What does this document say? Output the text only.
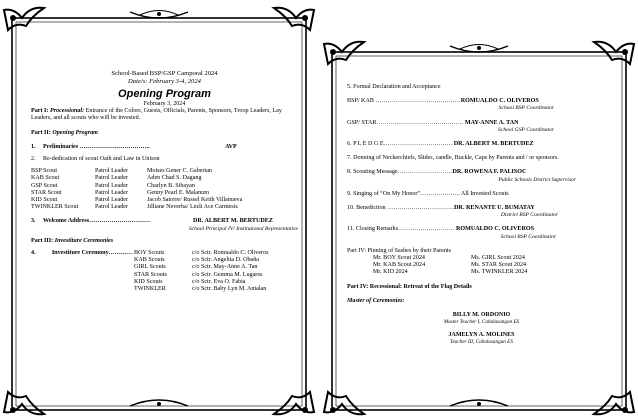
School-Based BSP/GSP Camporal 2024
Date/s: February 3-4, 2024
Opening Program
February 3, 2024
Part I: Processional: Entrance of the Colors, Guests, Officials, Parents, Sponsors, Troop Leaders, Lay Leaders, and all scouts who will be invested.
Part II: Opening Program
1.	Preliminaries ……………………………..	AVP
2.	Re-dedication of scout Oath and Law in Unison
BSP Scout	Patrol Leader	Moises Gener C. Gabertan
KAB Scout	Patrol Leader	Aden Chad S. Dagang
GSP Scout	Patrol Leader	Charlyn B. Sibayan
STAR Scout	Patrol Leader	Genny Pearl E. Malanum
KID Scout	Patrol Leader	Jacob Satorre/ Russel Keith Villanueva
TWINKLER Scout	Patrol Leader	Jilliane Neverba/ Lezli Ace Carmesis
3.	Welcome Address…………………………	DR. ALBERT M. BERTUDEZ
School Principal IV/ Institutional Representative
Part III: Investiture Ceremonies
4.	Investiture Ceremony…………	BOY Scouts	c/o Sctr. Romualdo C. Oliveros
		KAB Scouts	c/o Sctr. Angelita D. Obaña
		GIRL Scouts	c/o Sctr. May-Anne A. Tan
		STAR Scouts	c/o Sctr. Gemma M. Lugares
		KID Scouts	c/o Sctr. Eva O. Fabia
		TWINKLER	c/o Sctr. Baby Lyn M. Antalan
5. Formal Declaration and Acceptance
BSP/ KAB ……………………………………ROMUALDO C. OLIVEROS
School BSP Coordinator
GSP/ STAR……………………………………. MAY-ANNE A. TAN
School GSP Coordinator
6. P L E D G E……………………………. DR. ALBERT M. BERTUDEZ
7. Donning of Neckerchiefs, Slides, candle, Buckle, Caps by Parents and / or sponsors.
8. Scouting Message………………………DR. ROWENA F. PALISOC
Public Schools District Supervisor
9. Singing of “On My Honor”……………….. All Invested Scouts
10. Benediction ……………………………DR. RENANTE U. BUMATAY
District BSP Coordinator
11. Closing Remarks………………………. ROMUALDO C. OLIVEROS
School BSP Coordinator
Part IV: Pinning of Sashes by their Parents
Mr. BOY Scout 2024	Ms. GIRL Scout 2024
Mr. KAB Scout 2024	Ms. STAR Scout 2024
Mr. KID 2024	Ms. TWINKLER 2024
Part IV: Recessional: Retreat of the Flag Details
Master of Ceremonies:
BILLY M. ORDONIO
Master Teacher I, Cabalasangan ES
JAMELYN A. MOLINES
Teacher III, Cabalasangan ES
